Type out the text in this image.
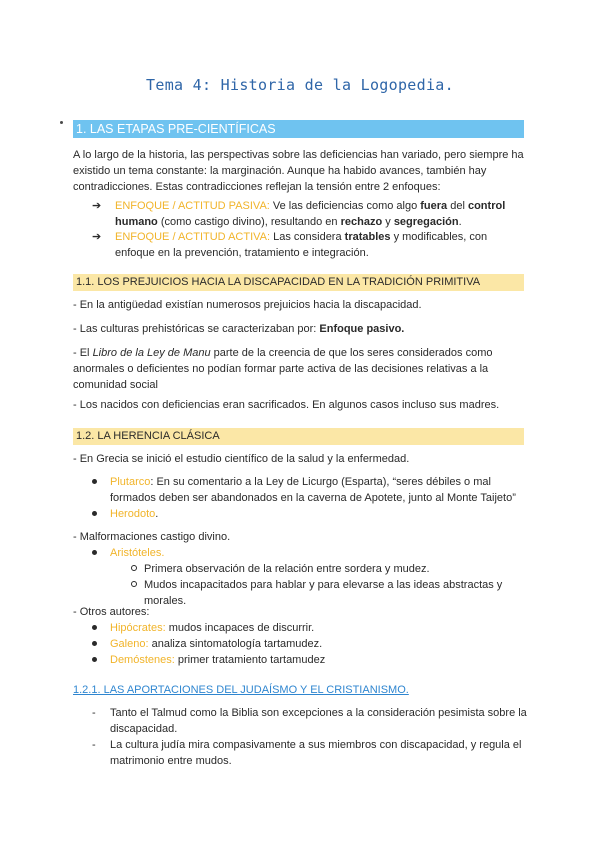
Tema 4: Historia de la Logopedia.
1. LAS ETAPAS PRE-CIENTÍFICAS

A lo largo de la historia, las perspectivas sobre las deficiencias han variado, pero siempre ha existido un tema constante: la marginación. Aunque ha habido avances, también hay contradicciones. Estas contradicciones reflejan la tensión entre 2 enfoques:

➔	ENFOQUE / ACTITUD PASIVA: Ve las deficiencias como algo fuera del control humano (como castigo divino), resultando en rechazo y segregación.
➔	ENFOQUE / ACTITUD ACTIVA: Las considera tratables y modificables, con enfoque en la prevención, tratamiento e integración.
1.1. LOS PREJUICIOS HACIA LA DISCAPACIDAD EN LA TRADICIÓN PRIMITIVA

- En la antigüedad existían numerosos prejuicios hacia la discapacidad.

- Las culturas prehistóricas se caracterizaban por: Enfoque pasivo.

- El Libro de la Ley de Manu parte de la creencia de que los seres considerados como anormales o deficientes no podían formar parte activa de las decisiones relativas a la comunidad social

- Los nacidos con deficiencias eran sacrificados. En algunos casos incluso sus madres.

1.2. LA HERENCIA CLÁSICA

- En Grecia se inició el estudio científico de la salud y la enfermedad.

Plutarco: En su comentario a la Ley de Licurgo (Esparta), “seres débiles o mal formados deben ser abandonados en la caverna de Apotete, junto al Monte Taijeto”
Herodoto.

- Malformaciones castigo divino.

Aristóteles.
Primera observación de la relación entre sordera y mudez.
Mudos incapacitados para hablar y para elevarse a las ideas abstractas y morales.

- Otros autores:

Hipócrates: mudos incapaces de discurrir.
Galeno: analiza sintomatología tartamudez.
Demóstenes: primer tratamiento tartamudez
1.2.1. LAS APORTACIONES DEL JUDAÍSMO Y EL CRISTIANISMO.
-	Tanto el Talmud como la Biblia son excepciones a la consideración pesimista sobre la discapacidad.
-	La cultura judía mira compasivamente a sus miembros con discapacidad, y regula el matrimonio entre mudos.
